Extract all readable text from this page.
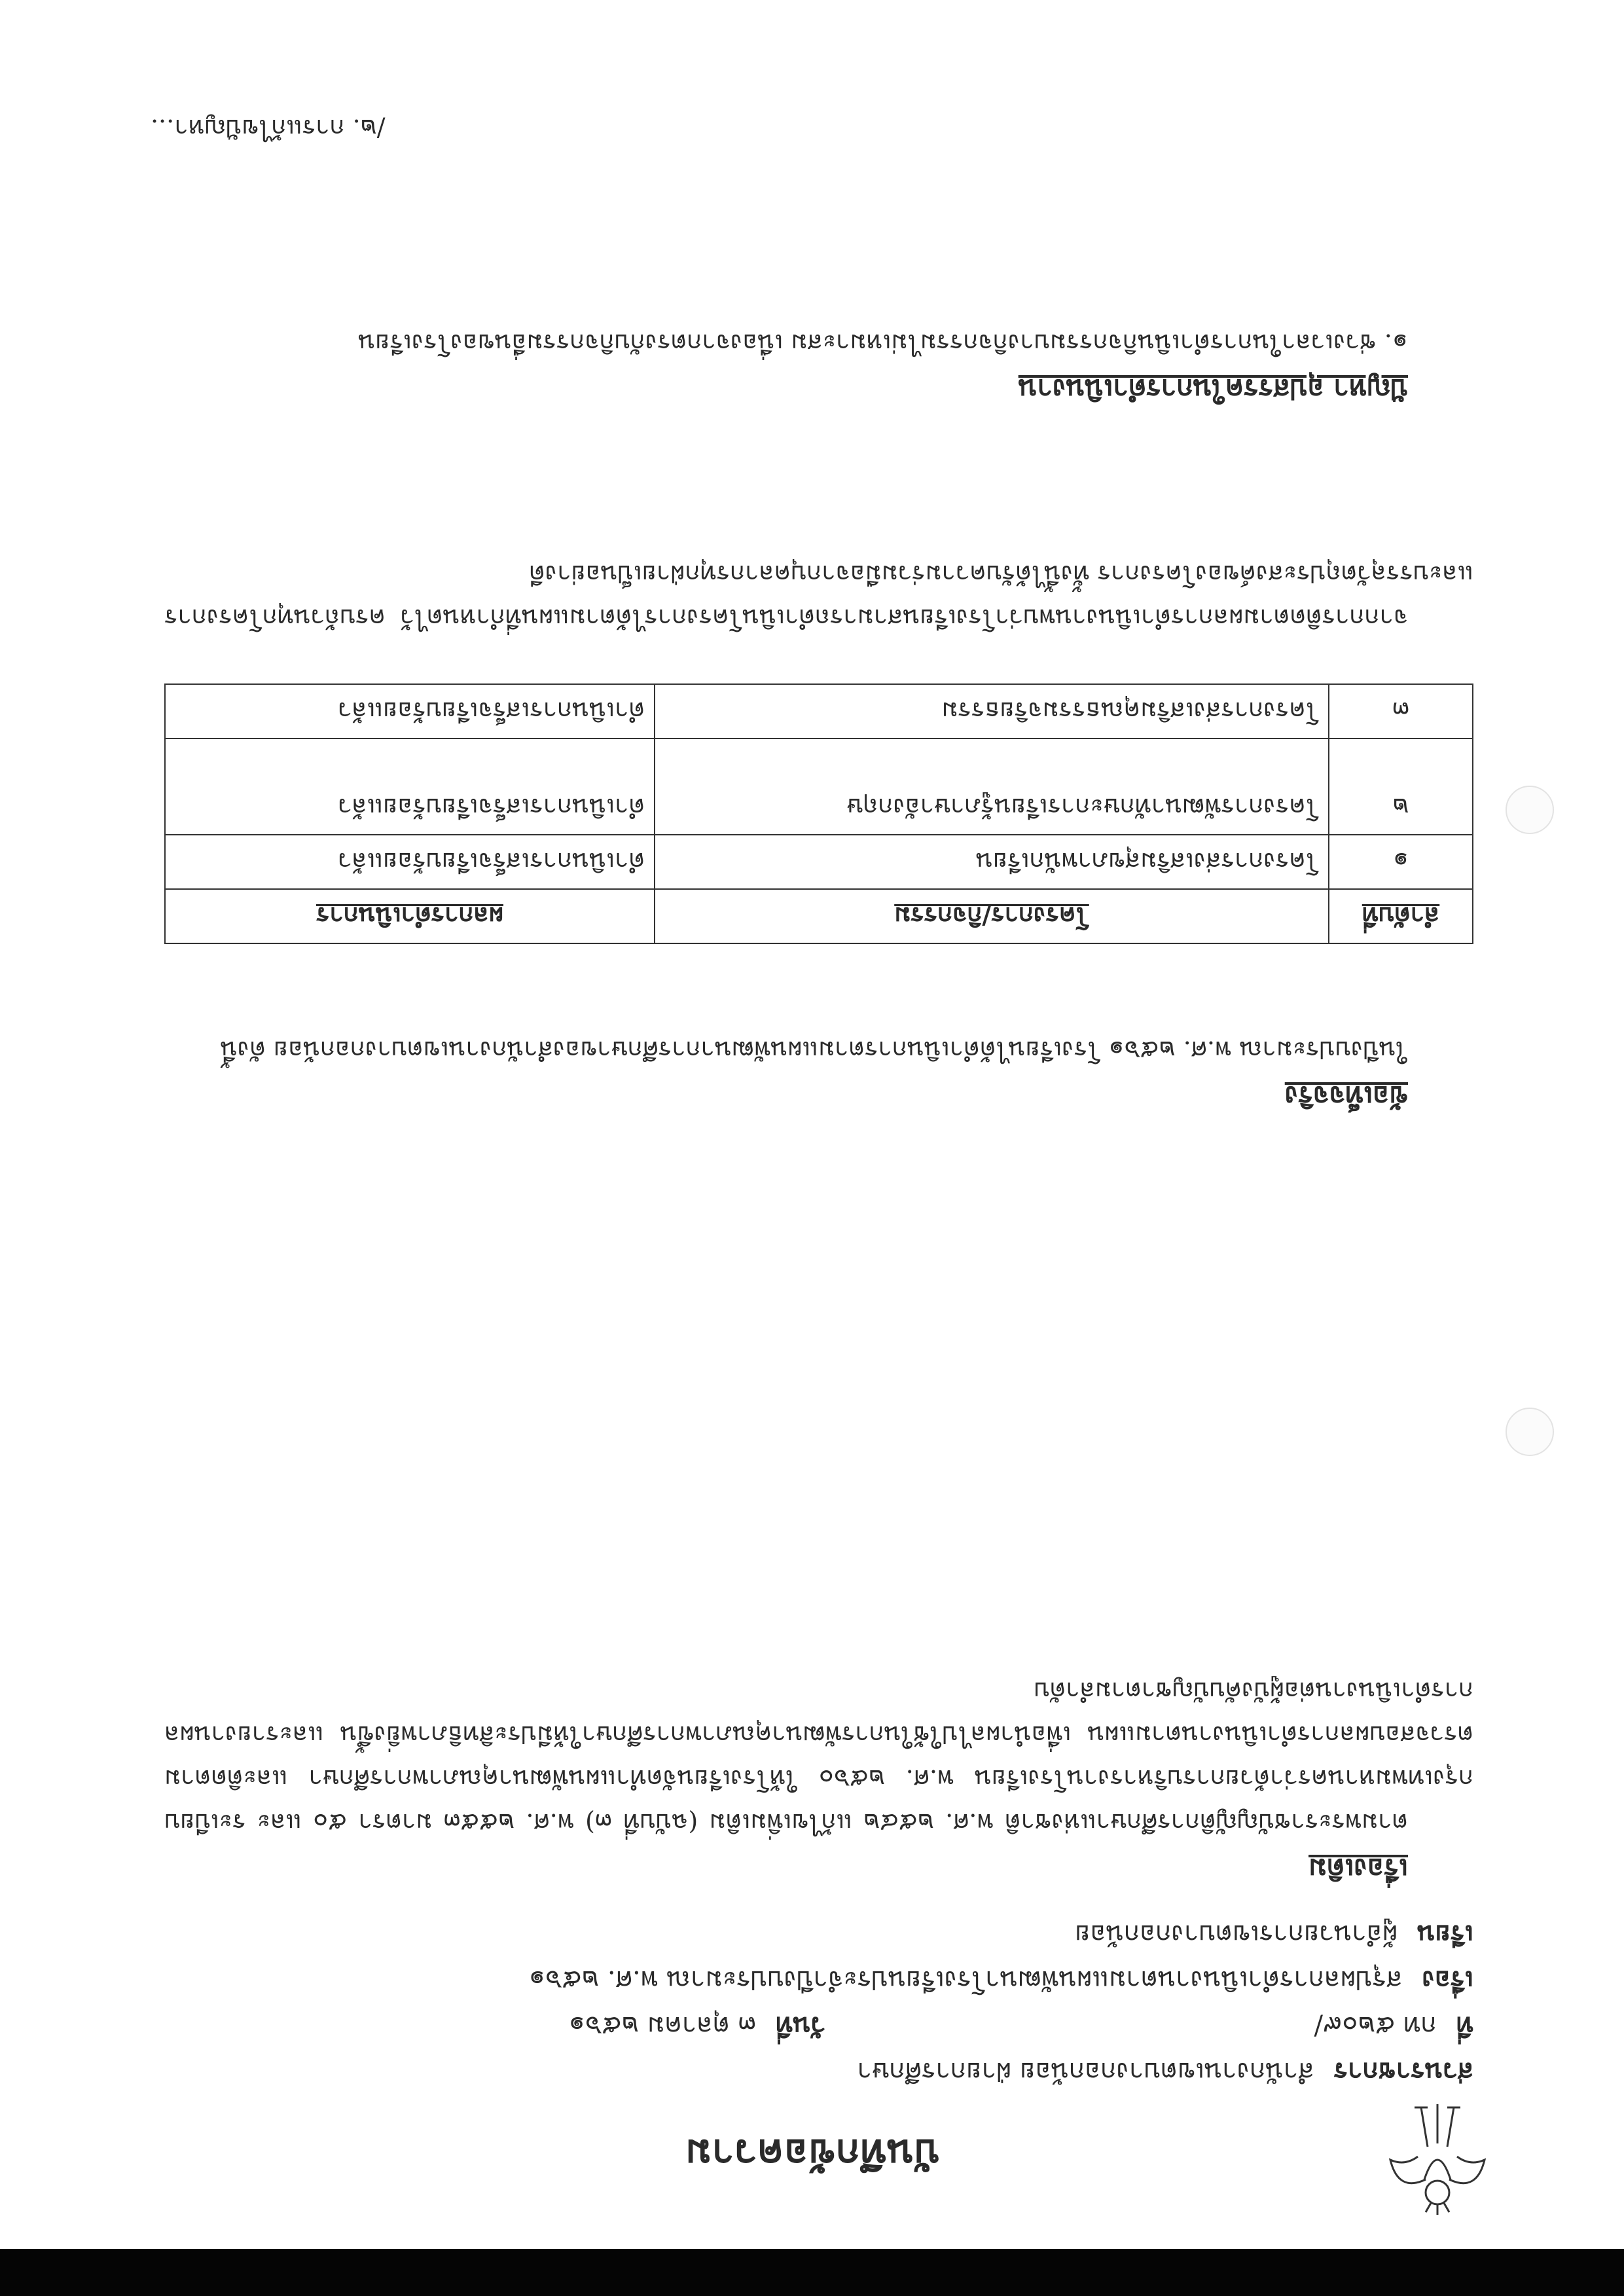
บันทึกข้อความ
ส่วนราชการสำนักงานเขตบางกอกน้อย ฝ่ายการศึกษา
ที่กท ๕๒๐๙/
วันที่๓ ตุลาคม ๒๕๖๑
เรื่องสรุปผลการดำเนินงานตามแผนพัฒนาโรงเรียนประจำปีงบประมาณ พ.ศ. ๒๕๖๑
เรียนผู้อำนวยการเขตบางกอกน้อย
เรื่องเดิม

ตามพระราชบัญญัติการศึกษาแห่งชาติ พ.ศ. ๒๕๔๒ แก้ไขเพิ่มเติม (ฉบับที่ ๓) พ.ศ. ๒๕๕๓ มาตรา ๕๐ และ ระเบียบกรุงเทพมหานครว่าด้วยการบริหารงานโรงเรียน พ.ศ. ๒๕๖๐ ให้โรงเรียนจัดทำแผนพัฒนาคุณภาพการศึกษา และติดตามตรวจสอบผลการดำเนินงานตามแผน เพื่อนำผลไปใช้ในการพัฒนาคุณภาพการศึกษาให้มีประสิทธิภาพยิ่งขึ้น และรายงานผลการดำเนินงานต่อผู้บังคับบัญชาตามลำดับ

ข้อเท็จจริง

ในปีงบประมาณ พ.ศ. ๒๕๖๑ โรงเรียนได้ดำเนินการตามแผนพัฒนาการศึกษาของสำนักงานเขตบางกอกน้อย ดังนี้

ลำดับที่	โครงการ/กิจกรรม	ผลการดำเนินการ
๑	โครงการส่งเสริมสุขภาพนักเรียน	ดำเนินการเสร็จเรียบร้อยแล้ว
๒	โครงการพัฒนาทักษะการเรียนรู้ภาษาอังกฤษ	ดำเนินการเสร็จเรียบร้อยแล้ว
๓	โครงการส่งเสริมคุณธรรมจริยธรรม	ดำเนินการเสร็จเรียบร้อยแล้ว

จากการติดตามผลการดำเนินงานพบว่าโรงเรียนสามารถดำเนินโครงการได้ตามแผนที่กำหนดไว้ ครบถ้วนทุกโครงการ และบรรลุวัตถุประสงค์ของโครงการ ทั้งนี้ได้รับความร่วมมือจากบุคลากรทุกฝ่ายเป็นอย่างดี

ปัญหา อุปสรรคในการดำเนินงาน

๑. ช่วงเวลาในการดำเนินกิจกรรมบางกิจกรรมไม่เหมาะสม เนื่องจากตรงกับกิจกรรมอื่นของโรงเรียน

/๒. การแก้ไขปัญหา...
